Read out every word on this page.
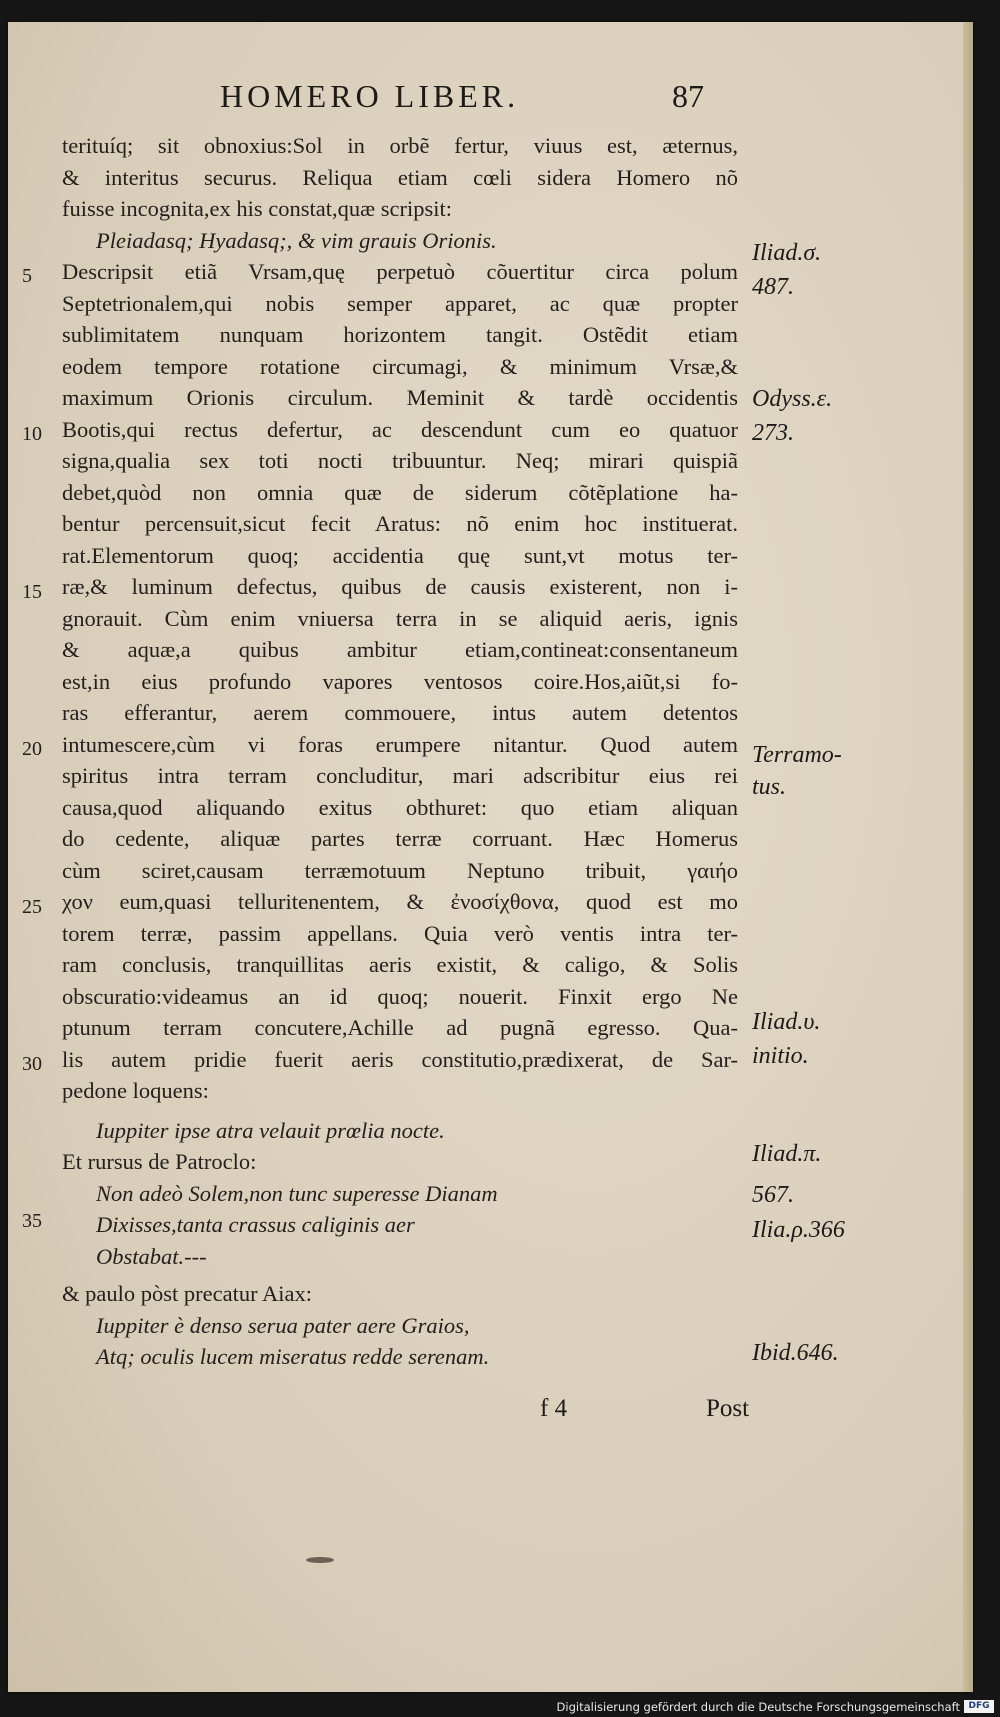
HOMERO LIBER.	87
terituíq; sit obnoxius:Sol in orbẽ fertur, viuus est, æternus,
& interitus securus. Reliqua etiam cœli sidera Homero nõ
fuisse incognita,ex his constat,quæ scripsit:
Pleiadasq; Hyadasq;, & vim grauis Orionis.
Descripsit etiã Vrsam,quę perpetuò cõuertitur circa polum
Septetrionalem,qui nobis semper apparet, ac quæ propter
sublimitatem nunquam horizontem tangit. Ostẽdit etiam
eodem tempore rotatione circumagi, & minimum Vrsæ,&
maximum Orionis circulum. Meminit & tardè occidentis
Bootis,qui rectus defertur, ac descendunt cum eo quatuor
signa,qualia sex toti nocti tribuuntur. Neq; mirari quispiã
debet,quòd non omnia quæ de siderum cõtẽplatione ha-
bentur percensuit,sicut fecit Aratus: nõ enim hoc instituerat.
rat.Elementorum quoq; accidentia quę sunt,vt motus ter-
ræ,& luminum defectus, quibus de causis existerent, non i-
gnorauit. Cùm enim vniuersa terra in se aliquid aeris, ignis
& aquæ,a quibus ambitur etiam,contineat:consentaneum
est,in eius profundo vapores ventosos coire.Hos,aiũt,si fo-
ras efferantur, aerem commouere, intus autem detentos
intumescere,cùm vi foras erumpere nitantur. Quod autem
spiritus intra terram concluditur, mari adscribitur eius rei
causa,quod aliquando exitus obthuret: quo etiam aliquan
do cedente, aliquæ partes terræ corruant. Hæc Homerus
cùm sciret,causam terræmotuum Neptuno tribuit, γαιήο
χον eum,quasi telluritenentem, & ἐνοσίχθονα, quod est mo
torem terræ, passim appellans. Quia verò ventis intra ter-
ram conclusis, tranquillitas aeris existit, & caligo, & Solis
obscuratio:videamus an id quoq; nouerit. Finxit ergo Ne
ptunum terram concutere,Achille ad pugnã egresso. Qua-
lis autem pridie fuerit aeris constitutio,prædixerat, de Sar-
pedone loquens:
Iuppiter ipse atra velauit prœlia nocte.
Et rursus de Patroclo:
Non adeò Solem,non tunc superesse Dianam
Dixisses,tanta crassus caliginis aer
Obstabat.---
& paulo pòst precatur Aiax:
Iuppiter è denso serua pater aere Graios,
Atq; oculis lucem miseratus redde serenam.
5
10
15
20
25
30
35
Iliad.σ.
487.
Odyss.ε.
273.
Terramo-
tus.
Iliad.υ.
initio.
Iliad.π.
567.
Ilia.ρ.366
Ibid.646.
f 4	Post
Digitalisierung gefördert durch die Deutsche Forschungsgemeinschaft DFG
